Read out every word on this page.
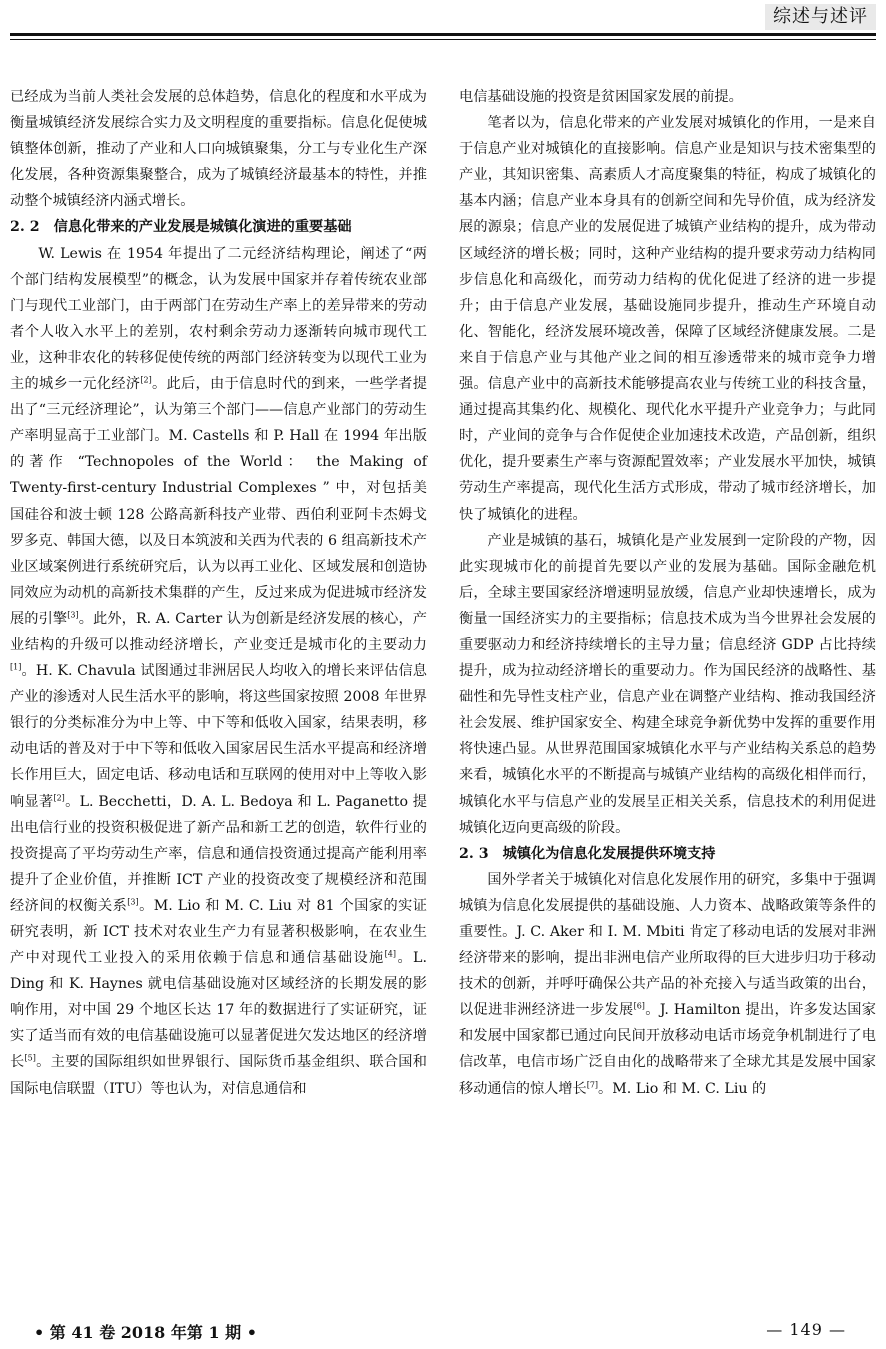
综述与述评

已经成为当前人类社会发展的总体趋势，信息化的程度和水平成为衡量城镇经济发展综合实力及文明程度的重要指标。信息化促使城镇整体创新，推动了产业和人口向城镇聚集，分工与专业化生产深化发展，各种资源集聚整合，成为了城镇经济最基本的特性，并推动整个城镇经济内涵式增长。

2. 2 信息化带来的产业发展是城镇化演进的重要基础

W. Lewis 在 1954 年提出了二元经济结构理论，阐述了“两个部门结构发展模型”的概念，认为发展中国家并存着传统农业部门与现代工业部门，由于两部门在劳动生产率上的差异带来的劳动者个人收入水平上的差别，农村剩余劳动力逐渐转向城市现代工业，这种非农化的转移促使传统的两部门经济转变为以现代工业为主的城乡一元化经济[2]。此后，由于信息时代的到来，一些学者提出了“三元经济理论”，认为第三个部门——信息产业部门的劳动生产率明显高于工业部门。M. Castells 和 P. Hall 在 1994 年出版的著作 “Technopoles of the World： the Making of Twenty-first-century Industrial Complexes ” 中，对包括美国硅谷和波士顿 128 公路高新科技产业带、西伯利亚阿卡杰姆戈罗多克、韩国大德，以及日本筑波和关西为代表的 6 组高新技术产业区域案例进行系统研究后，认为以再工业化、区域发展和创造协同效应为动机的高新技术集群的产生，反过来成为促进城市经济发展的引擎[3]。此外，R. A. Carter 认为创新是经济发展的核心，产业结构的升级可以推动经济增长，产业变迁是城市化的主要动力[1]。H. K. Chavula 试图通过非洲居民人均收入的增长来评估信息产业的渗透对人民生活水平的影响，将这些国家按照 2008 年世界银行的分类标准分为中上等、中下等和低收入国家，结果表明，移动电话的普及对于中下等和低收入国家居民生活水平提高和经济增长作用巨大，固定电话、移动电话和互联网的使用对中上等收入影响显著[2]。L. Becchetti，D. A. L. Bedoya 和 L. Paganetto 提出电信行业的投资积极促进了新产品和新工艺的创造，软件行业的投资提高了平均劳动生产率，信息和通信投资通过提高产能利用率提升了企业价值，并推断 ICT 产业的投资改变了规模经济和范围经济间的权衡关系[3]。M. Lio 和 M. C. Liu 对 81 个国家的实证研究表明，新 ICT 技术对农业生产力有显著积极影响，在农业生产中对现代工业投入的采用依赖于信息和通信基础设施[4]。L. Ding 和 K. Haynes 就电信基础设施对区域经济的长期发展的影响作用，对中国 29 个地区长达 17 年的数据进行了实证研究，证实了适当而有效的电信基础设施可以显著促进欠发达地区的经济增长[5]。主要的国际组织如世界银行、国际货币基金组织、联合国和国际电信联盟（ITU）等也认为，对信息通信和

电信基础设施的投资是贫困国家发展的前提。

笔者以为，信息化带来的产业发展对城镇化的作用，一是来自于信息产业对城镇化的直接影响。信息产业是知识与技术密集型的产业，其知识密集、高素质人才高度聚集的特征，构成了城镇化的基本内涵；信息产业本身具有的创新空间和先导价值，成为经济发展的源泉；信息产业的发展促进了城镇产业结构的提升，成为带动区域经济的增长极；同时，这种产业结构的提升要求劳动力结构同步信息化和高级化，而劳动力结构的优化促进了经济的进一步提升；由于信息产业发展，基础设施同步提升，推动生产环境自动化、智能化，经济发展环境改善，保障了区域经济健康发展。二是来自于信息产业与其他产业之间的相互渗透带来的城市竞争力增强。信息产业中的高新技术能够提高农业与传统工业的科技含量，通过提高其集约化、规模化、现代化水平提升产业竞争力；与此同时，产业间的竞争与合作促使企业加速技术改造，产品创新，组织优化，提升要素生产率与资源配置效率；产业发展水平加快，城镇劳动生产率提高，现代化生活方式形成，带动了城市经济增长，加快了城镇化的进程。

产业是城镇的基石，城镇化是产业发展到一定阶段的产物，因此实现城市化的前提首先要以产业的发展为基础。国际金融危机后，全球主要国家经济增速明显放缓，信息产业却快速增长，成为衡量一国经济实力的主要指标；信息技术成为当今世界社会发展的重要驱动力和经济持续增长的主导力量；信息经济 GDP 占比持续提升，成为拉动经济增长的重要动力。作为国民经济的战略性、基础性和先导性支柱产业，信息产业在调整产业结构、推动我国经济社会发展、维护国家安全、构建全球竞争新优势中发挥的重要作用将快速凸显。从世界范围国家城镇化水平与产业结构关系总的趋势来看，城镇化水平的不断提高与城镇产业结构的高级化相伴而行，城镇化水平与信息产业的发展呈正相关关系，信息技术的利用促进城镇化迈向更高级的阶段。

2. 3 城镇化为信息化发展提供环境支持

国外学者关于城镇化对信息化发展作用的研究，多集中于强调城镇为信息化发展提供的基础设施、人力资本、战略政策等条件的重要性。J. C. Aker 和 I. M. Mbiti 肯定了移动电话的发展对非洲经济带来的影响，提出非洲电信产业所取得的巨大进步归功于移动技术的创新，并呼吁确保公共产品的补充接入与适当政策的出台，以促进非洲经济进一步发展[6]。J. Hamilton 提出，许多发达国家和发展中国家都已通过向民间开放移动电话市场竞争机制进行了电信改革，电信市场广泛自由化的战略带来了全球尤其是发展中国家移动通信的惊人增长[7]。M. Lio 和 M. C. Liu 的

• 第 41 卷 2018 年第 1 期 •	— 149 —
